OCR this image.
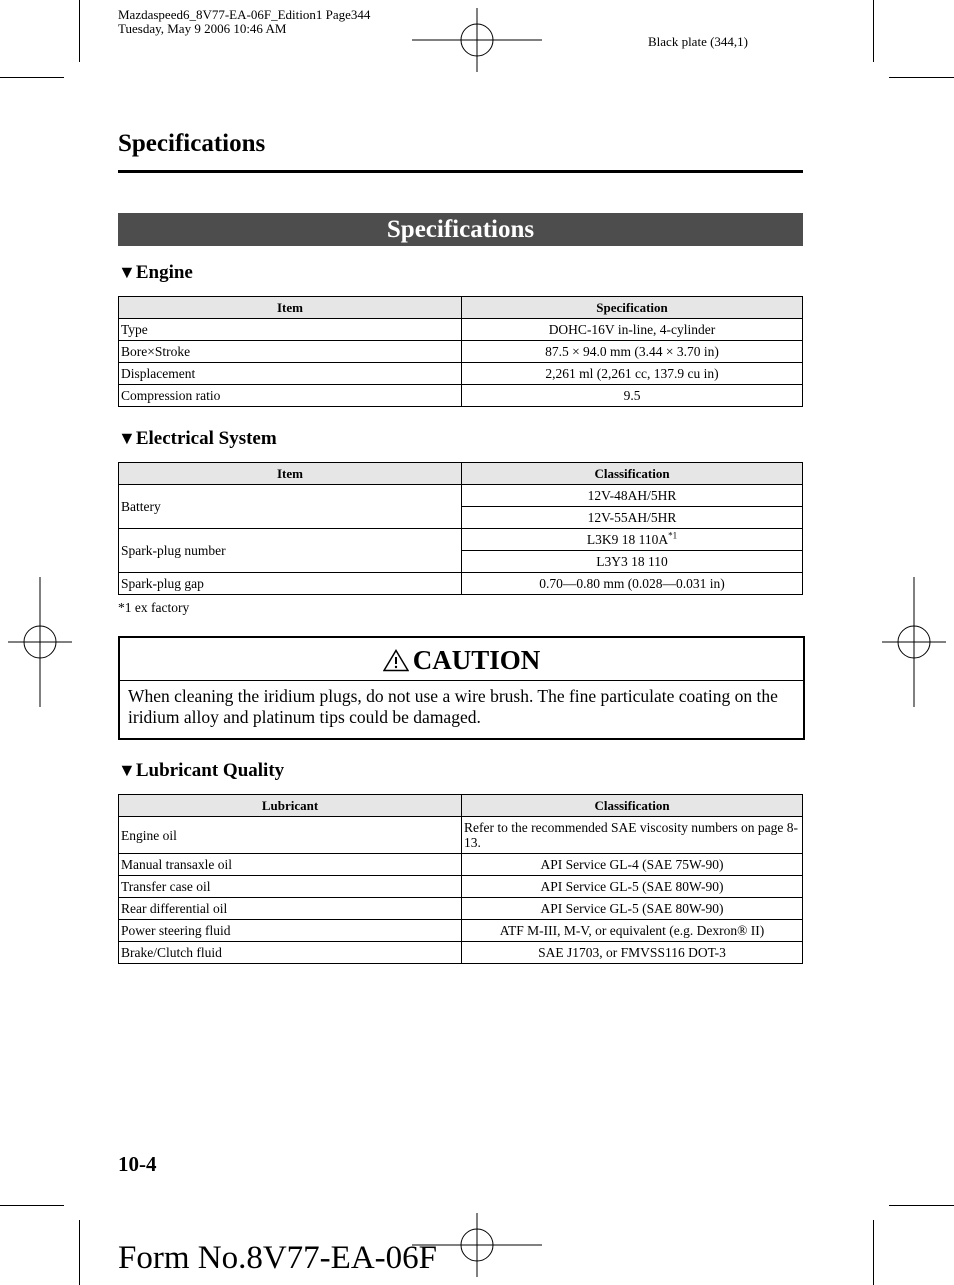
Mazdaspeed6_8V77-EA-06F_Edition1 Page344
Tuesday, May 9 2006 10:46 AM
Black plate (344,1)
Specifications
Specifications
▼Engine
Item	Specification
Type	DOHC-16V in-line, 4-cylinder
Bore×Stroke	87.5 × 94.0 mm (3.44 × 3.70 in)
Displacement	2,261 ml (2,261 cc, 137.9 cu in)
Compression ratio	9.5
▼Electrical System
Item	Classification
Battery	12V-48AH/5HR
	12V-55AH/5HR
Spark-plug number	L3K9 18 $110A^{*1}$
	L3Y3 18 110
Spark-plug gap	0.70―0.80 mm (0.028―0.031 in)
*1 ex factory
CAUTION
When cleaning the iridium plugs, do not use a wire brush. The fine particulate coating on the iridium alloy and platinum tips could be damaged.
▼Lubricant Quality
Lubricant	Classification
Engine oil	Refer to the recommended SAE viscosity numbers on page 8-13.
Manual transaxle oil	API Service GL-4 (SAE 75W-90)
Transfer case oil	API Service GL-5 (SAE 80W-90)
Rear differential oil	API Service GL-5 (SAE 80W-90)
Power steering fluid	ATF M-III, M-V, or equivalent (e.g. Dexron® II)
Brake/Clutch fluid	SAE J1703, or FMVSS116 DOT-3
10-4
Form No.8V77-EA-06F
